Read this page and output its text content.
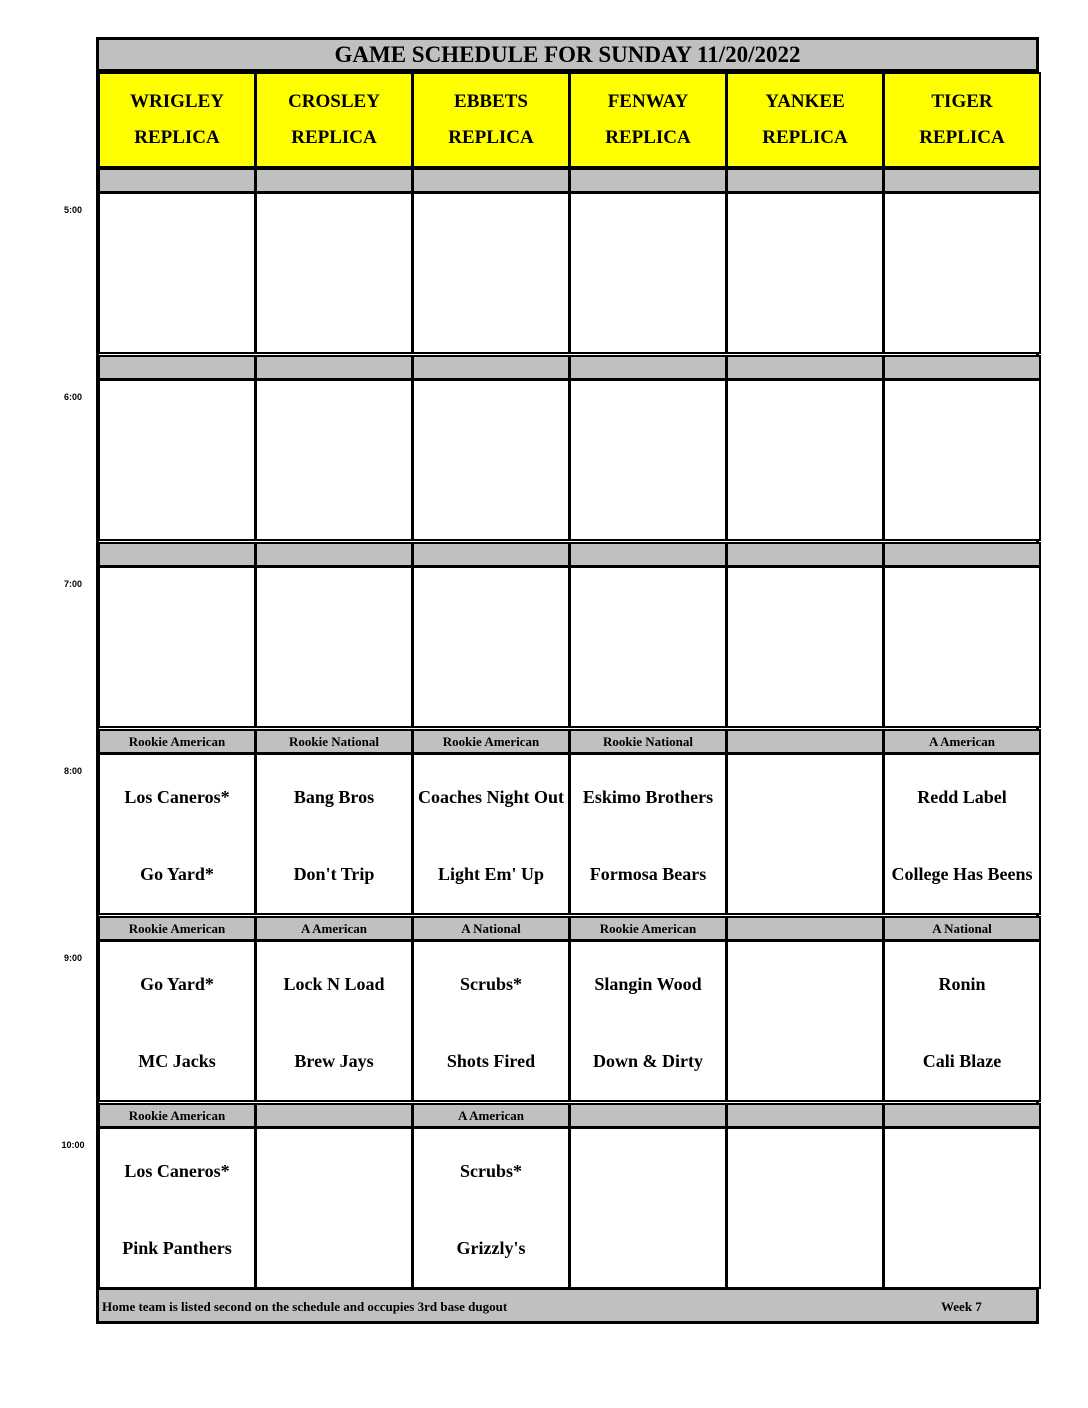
GAME SCHEDULE FOR SUNDAY 11/20/2022
Home team is listed second on the schedule and occupies 3rd base dugout	Week 7
WRIGLEY
REPLICA
CROSLEY
REPLICA
EBBETS
REPLICA
FENWAY
REPLICA
YANKEE
REPLICA
TIGER
REPLICA
Rookie American
Los Caneros*
Go Yard*
Rookie National
Bang Bros
Don't Trip
Rookie American
Coaches Night Out
Light Em' Up
Rookie National
Eskimo Brothers
Formosa Bears
A American
Redd Label
College Has Beens
Rookie American
Go Yard*
MC Jacks
A American
Lock N Load
Brew Jays
A National
Scrubs*
Shots Fired
Rookie American
Slangin Wood
Down & Dirty
A National
Ronin
Cali Blaze
Rookie American
Los Caneros*
Pink Panthers
A American
Scrubs*
Grizzly's
5:00
6:00
7:00
8:00
9:00
10:00
